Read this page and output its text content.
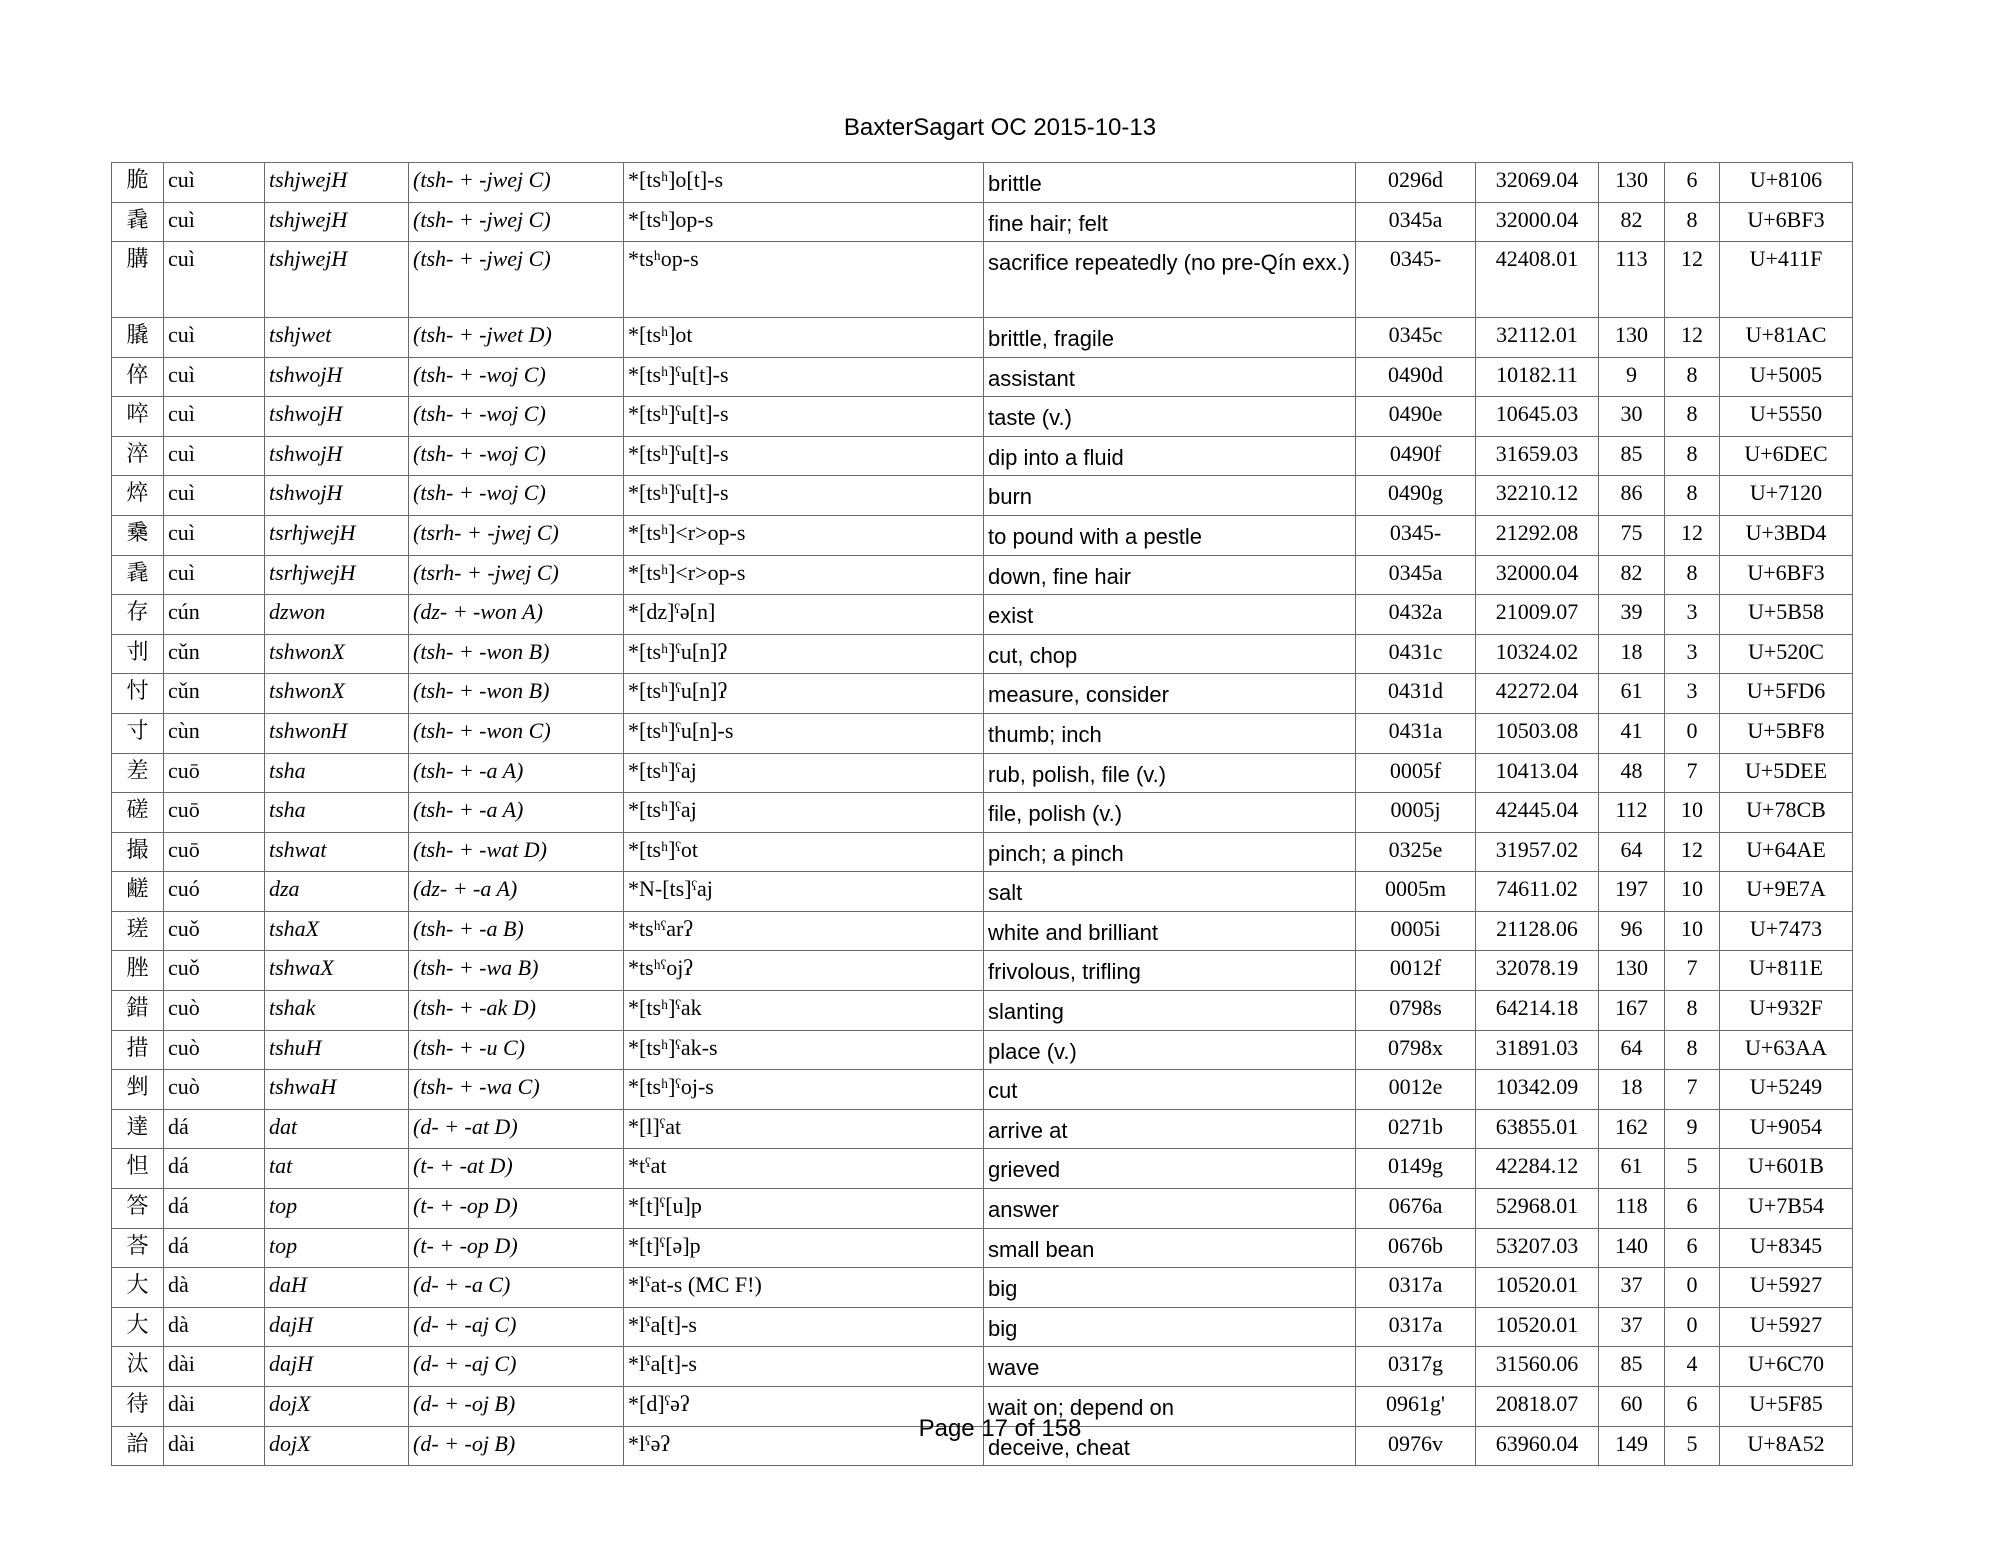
BaxterSagart OC 2015-10-13
脆	cuì	tshjwejH	(tsh- + -jwej C)	*[tsʰ]o[t]-s	brittle	0296d	32069.04	130	6	U+8106
毳	cuì	tshjwejH	(tsh- + -jwej C)	*[tsʰ]op-s	fine hair; felt	0345a	32000.04	82	8	U+6BF3
䐟	cuì	tshjwejH	(tsh- + -jwej C)	*tsʰop-s	sacrifice repeatedly (no pre-Qín exx.)	0345-	42408.01	113	12	U+411F
膬	cuì	tshjwet	(tsh- + -jwet D)	*[tsʰ]ot	brittle, fragile	0345c	32112.01	130	12	U+81AC
倅	cuì	tshwojH	(tsh- + -woj C)	*[tsʰ]ˤu[t]-s	assistant	0490d	10182.11	9	8	U+5005
啐	cuì	tshwojH	(tsh- + -woj C)	*[tsʰ]ˤu[t]-s	taste (v.)	0490e	10645.03	30	8	U+5550
淬	cuì	tshwojH	(tsh- + -woj C)	*[tsʰ]ˤu[t]-s	dip into a fluid	0490f	31659.03	85	8	U+6DEC
焠	cuì	tshwojH	(tsh- + -woj C)	*[tsʰ]ˤu[t]-s	burn	0490g	32210.12	86	8	U+7120
㯔	cuì	tsrhjwejH	(tsrh- + -jwej C)	*[tsʰ]<r>op-s	to pound with a pestle	0345-	21292.08	75	12	U+3BD4
毳	cuì	tsrhjwejH	(tsrh- + -jwej C)	*[tsʰ]<r>op-s	down, fine hair	0345a	32000.04	82	8	U+6BF3
存	cún	dzwon	(dz- + -won A)	*[dz]ˤə[n]	exist	0432a	21009.07	39	3	U+5B58
刌	cǔn	tshwonX	(tsh- + -won B)	*[tsʰ]ˤu[n]ʔ	cut, chop	0431c	10324.02	18	3	U+520C
忖	cǔn	tshwonX	(tsh- + -won B)	*[tsʰ]ˤu[n]ʔ	measure, consider	0431d	42272.04	61	3	U+5FD6
寸	cùn	tshwonH	(tsh- + -won C)	*[tsʰ]ˤu[n]-s	thumb; inch	0431a	10503.08	41	0	U+5BF8
差	cuō	tsha	(tsh- + -a A)	*[tsʰ]ˤaj	rub, polish, file (v.)	0005f	10413.04	48	7	U+5DEE
磋	cuō	tsha	(tsh- + -a A)	*[tsʰ]ˤaj	file, polish (v.)	0005j	42445.04	112	10	U+78CB
撮	cuō	tshwat	(tsh- + -wat D)	*[tsʰ]ˤot	pinch; a pinch	0325e	31957.02	64	12	U+64AE
鹺	cuó	dza	(dz- + -a A)	*N-[ts]ˤaj	salt	0005m	74611.02	197	10	U+9E7A
瑳	cuǒ	tshaX	(tsh- + -a B)	*tsʰˤarʔ	white and brilliant	0005i	21128.06	96	10	U+7473
脞	cuǒ	tshwaX	(tsh- + -wa B)	*tsʰˤojʔ	frivolous, trifling	0012f	32078.19	130	7	U+811E
錯	cuò	tshak	(tsh- + -ak D)	*[tsʰ]ˤak	slanting	0798s	64214.18	167	8	U+932F
措	cuò	tshuH	(tsh- + -u C)	*[tsʰ]ˤak-s	place (v.)	0798x	31891.03	64	8	U+63AA
剉	cuò	tshwaH	(tsh- + -wa C)	*[tsʰ]ˤoj-s	cut	0012e	10342.09	18	7	U+5249
達	dá	dat	(d- + -at D)	*[l]ˤat	arrive at	0271b	63855.01	162	9	U+9054
怛	dá	tat	(t- + -at D)	*tˤat	grieved	0149g	42284.12	61	5	U+601B
答	dá	top	(t- + -op D)	*[t]ˤ[u]p	answer	0676a	52968.01	118	6	U+7B54
荅	dá	top	(t- + -op D)	*[t]ˤ[ə]p	small bean	0676b	53207.03	140	6	U+8345
大	dà	daH	(d- + -a C)	*lˤat-s (MC F!)	big	0317a	10520.01	37	0	U+5927
大	dà	dajH	(d- + -aj C)	*lˤa[t]-s	big	0317a	10520.01	37	0	U+5927
汰	dài	dajH	(d- + -aj C)	*lˤa[t]-s	wave	0317g	31560.06	85	4	U+6C70
待	dài	dojX	(d- + -oj B)	*[d]ˤəʔ	wait on; depend on	0961g'	20818.07	60	6	U+5F85
詒	dài	dojX	(d- + -oj B)	*lˤəʔ	deceive, cheat	0976v	63960.04	149	5	U+8A52
Page 17 of 158
